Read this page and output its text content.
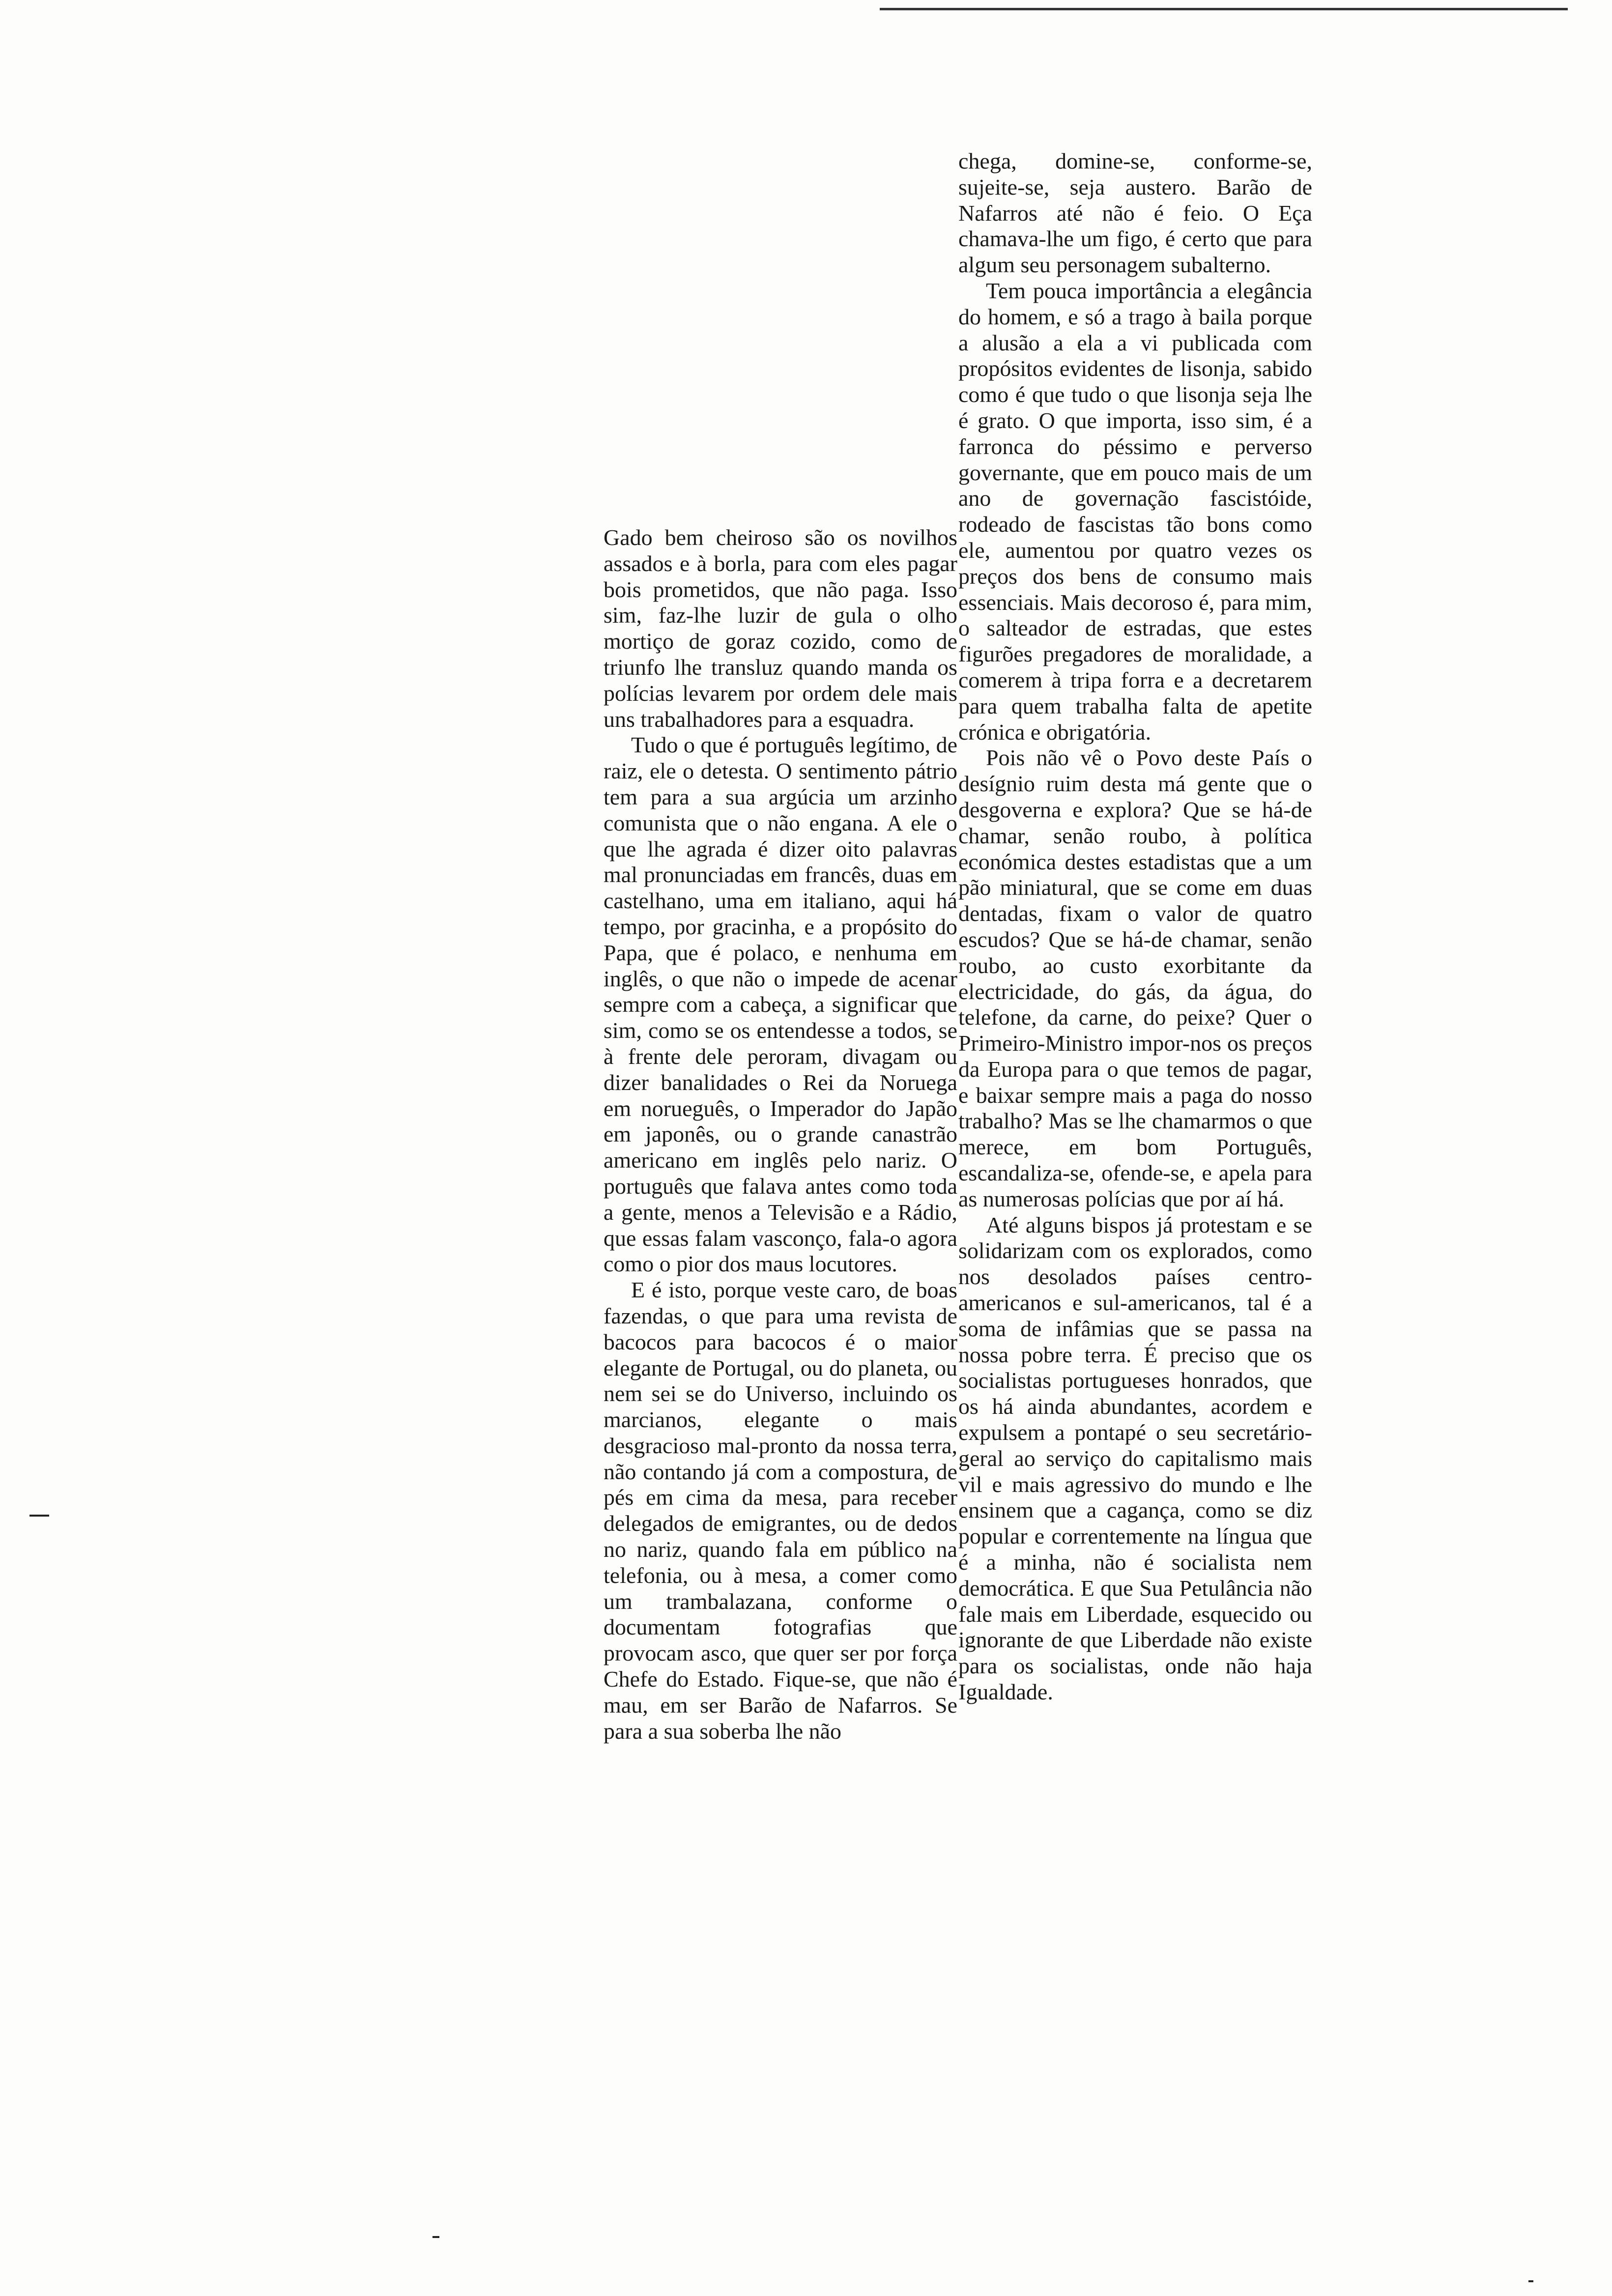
Gado bem cheiroso são os novilhos assados e à borla, para com eles pagar bois prometidos, que não paga. Isso sim, faz-lhe luzir de gula o olho mortiço de goraz cozido, como de triunfo lhe transluz quando manda os polícias levarem por ordem dele mais uns trabalhadores para a esquadra.

Tudo o que é português legítimo, de raiz, ele o detesta. O sentimento pátrio tem para a sua argúcia um arzinho comunista que o não engana. A ele o que lhe agrada é dizer oito palavras mal pronunciadas em francês, duas em castelhano, uma em italiano, aqui há tempo, por gracinha, e a propósito do Papa, que é polaco, e nenhuma em inglês, o que não o impede de acenar sempre com a cabeça, a significar que sim, como se os entendesse a todos, se à frente dele peroram, divagam ou dizer banalidades o Rei da Noruega em norueguês, o Imperador do Japão em japonês, ou o grande canastrão americano em inglês pelo nariz. O português que falava antes como toda a gente, menos a Televisão e a Rádio, que essas falam vasconço, fala-o agora como o pior dos maus locutores.

E é isto, porque veste caro, de boas fazendas, o que para uma revista de bacocos para bacocos é o maior elegante de Portugal, ou do planeta, ou nem sei se do Universo, incluindo os marcianos, elegante o mais desgracioso mal-pronto da nossa terra, não contando já com a compostura, de pés em cima da mesa, para receber delegados de emigrantes, ou de dedos no nariz, quando fala em público na telefonia, ou à mesa, a comer como um trambalazana, conforme o documentam fotografias que provocam asco, que quer ser por força Chefe do Estado. Fique-se, que não é mau, em ser Barão de Nafarros. Se para a sua soberba lhe não

chega, domine-se, conforme-se, sujeite-se, seja austero. Barão de Nafarros até não é feio. O Eça chamava-lhe um figo, é certo que para algum seu personagem subalterno.

Tem pouca importância a elegância do homem, e só a trago à baila porque a alusão a ela a vi publicada com propósitos evidentes de lisonja, sabido como é que tudo o que lisonja seja lhe é grato. O que importa, isso sim, é a farronca do péssimo e perverso governante, que em pouco mais de um ano de governação fascistóide, rodeado de fascistas tão bons como ele, aumentou por quatro vezes os preços dos bens de consumo mais essenciais. Mais decoroso é, para mim, o salteador de estradas, que estes figurões pregadores de moralidade, a comerem à tripa forra e a decretarem para quem trabalha falta de apetite crónica e obrigatória.

Pois não vê o Povo deste País o desígnio ruim desta má gente que o desgoverna e explora? Que se há-de chamar, senão roubo, à política económica destes estadistas que a um pão miniatural, que se come em duas dentadas, fixam o valor de quatro escudos? Que se há-de chamar, senão roubo, ao custo exorbitante da electricidade, do gás, da água, do telefone, da carne, do peixe? Quer o Primeiro-Ministro impor-nos os preços da Europa para o que temos de pagar, e baixar sempre mais a paga do nosso trabalho? Mas se lhe chamarmos o que merece, em bom Português, escandaliza-se, ofende-se, e apela para as numerosas polícias que por aí há.

Até alguns bispos já protestam e se solidarizam com os explorados, como nos desolados países centro-americanos e sul-americanos, tal é a soma de infâmias que se passa na nossa pobre terra. É preciso que os socialistas portugueses honrados, que os há ainda abundantes, acordem e expulsem a pontapé o seu secretário-geral ao serviço do capitalismo mais vil e mais agressivo do mundo e lhe ensinem que a cagança, como se diz popular e correntemente na língua que é a minha, não é socialista nem democrática. E que Sua Petulância não fale mais em Liberdade, esquecido ou ignorante de que Liberdade não existe para os socialistas, onde não haja Igualdade.
